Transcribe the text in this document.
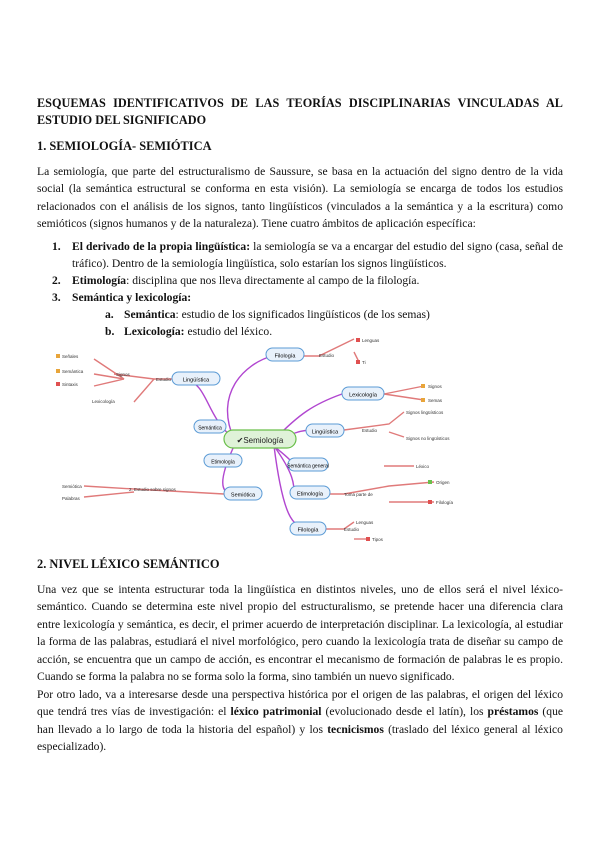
ESQUEMAS IDENTIFICATIVOS DE LAS TEORÍAS DISCIPLINARIAS VINCULADAS AL ESTUDIO DEL SIGNIFICADO
1. SEMIOLOGÍA- SEMIÓTICA

La semiología, que parte del estructuralismo de Saussure, se basa en la actuación del signo dentro de la vida social (la semántica estructural se conforma en esta visión). La semiología se encarga de todos los estudios relacionados con el análisis de los signos, tanto lingüísticos (vinculados a la semántica y a la escritura) como semióticos (signos humanos y de la naturaleza). Tiene cuatro ámbitos de aplicación específica:

1. El derivado de la propia lingüística: la semiología se va a encargar del estudio del signo (casa, señal de tráfico). Dentro de la semiología lingüística, solo estarían los signos lingüísticos.
2. Etimología: disciplina que nos lleva directamente al campo de la filología.
3. Semántica y lexicología:
a. Semántica: estudio de los significados lingüísticos (de los semas)
b. Lexicología: estudio del léxico.
✔Semiología
Filología
Lingüística
Lexicología
Lingüística
Semántica
Etimología
Semántica general
Etimología
Semiótica
Filología
Estudio
Signos
Señales
Semántica
Sintaxis
Lexicología
2. Estudio sobre signos
Semiótica
Palabras
Estudio
Lenguas
Ti
Signos
Semas
Estudio
Signos lingüísticos
Signos no lingüísticos
Léxico
Toma parte de
Origen
Filología
Estudio
Lenguas
Tipos
2. NIVEL LÉXICO SEMÁNTICO

Una vez que se intenta estructurar toda la lingüística en distintos niveles, uno de ellos será el nivel léxico-semántico. Cuando se determina este nivel propio del estructuralismo, se pretende hacer una diferencia clara entre lexicología y semántica, es decir, el primer acuerdo de interpretación disciplinar. La lexicología, al estudiar la forma de las palabras, estudiará el nivel morfológico, pero cuando la lexicología trata de diseñar su campo de acción, se encuentra que un campo de acción, es encontrar el mecanismo de formación de palabras le es propio. Cuando se forma la palabra no se forma solo la forma, sino también un nuevo significado.

Por otro lado, va a interesarse desde una perspectiva histórica por el origen de las palabras, el origen del léxico que tendrá tres vías de investigación: el léxico patrimonial (evolucionado desde el latín), los préstamos (que han llevado a lo largo de toda la historia del español) y los tecnicismos (traslado del léxico general al léxico especializado).
